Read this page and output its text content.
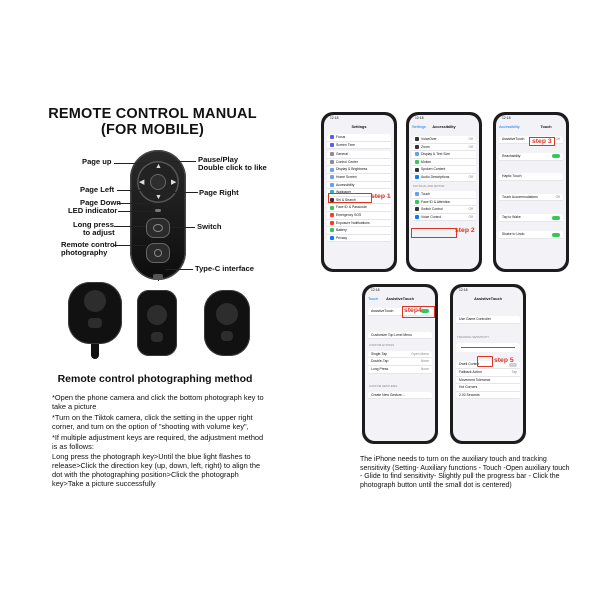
REMOTE CONTROL MANUAL
(FOR MOBILE)
▲
▼
◀	▶
Page up	Pause/Play
Double click to like
Page Left	Page Right
Page Down
LED indicator
Long press
to adjust
Switch
Remote control
photography
Type-C interface
Remote control photographing method

*Open the phone camera and click the bottom photograph key to take a picture

*Turn on the Tiktok camera, click the setting in the upper right corner, and turn on the option of "shooting with volume key",

*If multiple adjustment keys are required, the adjustment method is as follows:

Long press the photograph key>Until the blue light flashes to release>Click the direction key (up, down, left, right) to align the dot with the photographing position>Click the photograph key>Take a picture successfully

12:18
Settings
Focus
Screen Time
General
Control Center
Display & Brightness
Home Screen
Accessibility
Wallpaper
Siri & Search
Face ID & Passcode
Emergency SOS
Exposure Notifications
Battery
Privacy
step 1
12:18
Settings	Accessibility
VoiceOver	Off
Zoom	Off
Display & Text Size
Motion
Spoken Content
Audio Descriptions	Off
PHYSICAL AND MOTOR
Touch
Face ID & Attention
Switch Control	Off
Voice Control	Off
step 2
12:18
Accessibility	Touch
AssistiveTouch	Off

Reachability

Haptic Touch

Touch Accommodations	Off

Tap to Wake

Shake to Undo
step 3
12:18
Touch	AssistiveTouch
AssistiveTouch

Customize Top Level Menu
CUSTOM ACTIONS
Single-Tap	Open Menu
Double-Tap	None
Long Press	None

CUSTOM GESTURES
Create New Gesture...
step4
12:18
AssistiveTouch

Use Game Controller

TRACKING SENSITIVITY

Dwell Control
Fallback Action	Tap
Movement Tolerance
Hot Corners
2.00 Seconds
step 5
The iPhone needs to turn on the auxiliary touch and tracking sensitivity (Setting- Auxiliary functions - Touch -Open auxiliary touch - Glide to find sensitivity- Slightly pull the progress bar - Click the photograph button until the small dot is centered)
